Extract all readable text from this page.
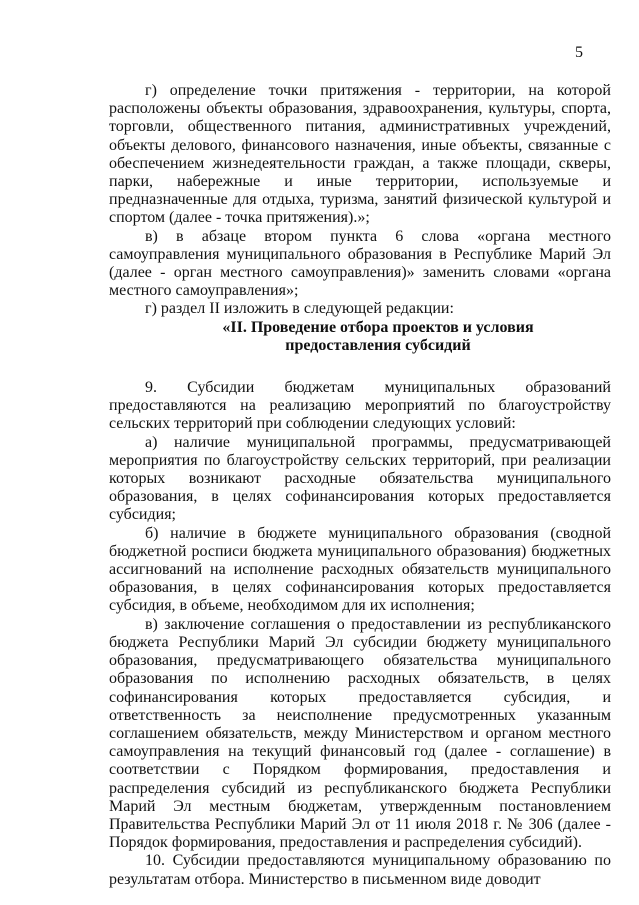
5

г) определение точки притяжения - территории, на которой расположены объекты образования, здравоохранения, культуры, спорта, торговли, общественного питания, административных учреждений, объекты делового, финансового назначения, иные объекты, связанные с обеспечением жизнедеятельности граждан, а также площади, скверы, парки, набережные и иные территории, используемые и предназначенные для отдыха, туризма, занятий физической культурой и спортом (далее - точка притяжения).»;

в) в абзаце втором пункта 6 слова «органа местного самоуправления муниципального образования в Республике Марий Эл (далее - орган местного самоуправления)» заменить словами «органа местного самоуправления»;

г) раздел II изложить в следующей редакции:

«II. Проведение отбора проектов и условия
предоставления субсидий

9. Субсидии бюджетам муниципальных образований предоставляются на реализацию мероприятий по благоустройству сельских территорий при соблюдении следующих условий:

а) наличие муниципальной программы, предусматривающей мероприятия по благоустройству сельских территорий, при реализации которых возникают расходные обязательства муниципального образования, в целях софинансирования которых предоставляется субсидия;

б) наличие в бюджете муниципального образования (сводной бюджетной росписи бюджета муниципального образования) бюджетных ассигнований на исполнение расходных обязательств муниципального образования, в целях софинансирования которых предоставляется субсидия, в объеме, необходимом для их исполнения;

в) заключение соглашения о предоставлении из республиканского бюджета Республики Марий Эл субсидии бюджету муниципального образования, предусматривающего обязательства муниципального образования по исполнению расходных обязательств, в целях софинансирования которых предоставляется субсидия, и ответственность за неисполнение предусмотренных указанным соглашением обязательств, между Министерством и органом местного самоуправления на текущий финансовый год (далее - соглашение) в соответствии с Порядком формирования, предоставления и распределения субсидий из республиканского бюджета Республики Марий Эл местным бюджетам, утвержденным постановлением Правительства Республики Марий Эл от 11 июля 2018 г. № 306 (далее - Порядок формирования, предоставления и распределения субсидий).

10. Субсидии предоставляются муниципальному образованию по результатам отбора. Министерство в письменном виде доводит
